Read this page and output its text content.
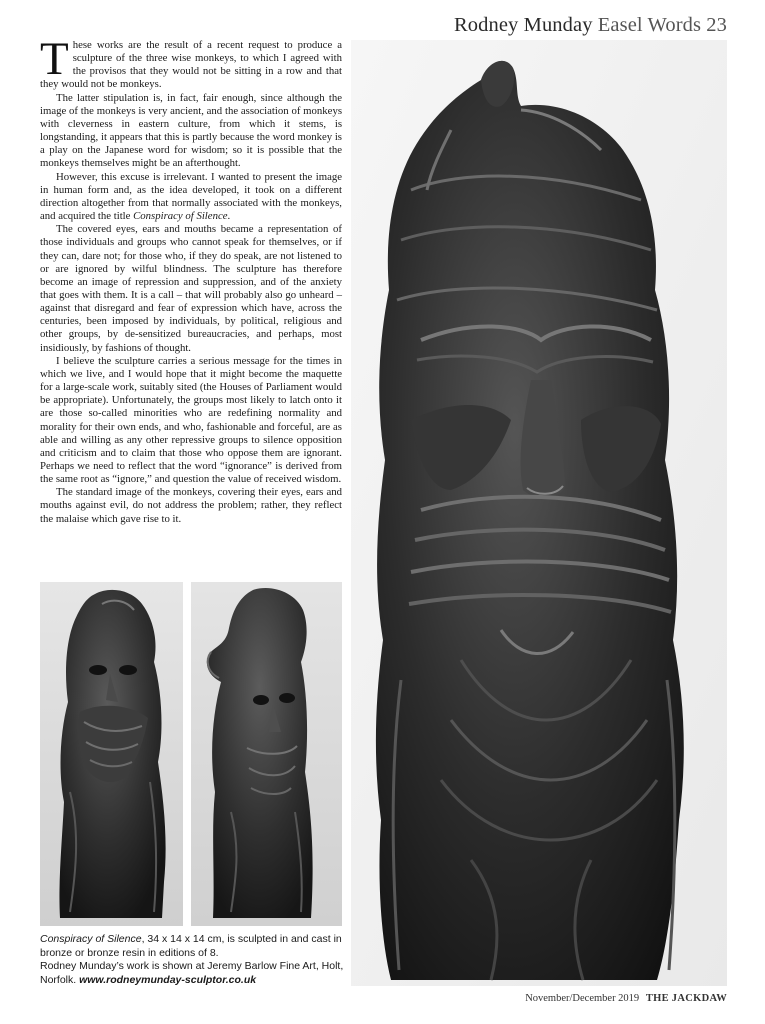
Rodney Munday Easel Words 23

These works are the result of a recent request to produce a sculpture of the three wise monkeys, to which I agreed with the provisos that they would not be sitting in a row and that they would not be monkeys.

The latter stipulation is, in fact, fair enough, since although the image of the monkeys is very ancient, and the association of monkeys with cleverness in eastern culture, from which it stems, is longstanding, it appears that this is partly because the word monkey is a play on the Japanese word for wisdom; so it is possible that the monkeys themselves might be an afterthought.

However, this excuse is irrelevant. I wanted to present the image in human form and, as the idea developed, it took on a different direction altogether from that normally associated with the monkeys, and acquired the title Conspiracy of Silence.

The covered eyes, ears and mouths became a representation of those individuals and groups who cannot speak for themselves, or if they can, dare not; for those who, if they do speak, are not listened to or are ignored by wilful blindness. The sculpture has therefore become an image of repression and suppression, and of the anxiety that goes with them. It is a call – that will probably also go unheard – against that disregard and fear of expression which have, across the centuries, been imposed by individuals, by political, religious and other groups, by de-sensitized bureaucracies, and perhaps, most insidiously, by fashions of thought.

I believe the sculpture carries a serious message for the times in which we live, and I would hope that it might become the maquette for a large-scale work, suitably sited (the Houses of Parliament would be appropriate). Unfortunately, the groups most likely to latch onto it are those so-called minorities who are redefining normality and morality for their own ends, and who, fashionable and forceful, are as able and willing as any other repressive groups to silence opposition and criticism and to claim that those who oppose them are ignorant. Perhaps we need to reflect that the word “ignorance” is derived from the same root as “ignore,” and question the value of received wisdom.

The standard image of the monkeys, covering their eyes, ears and mouths against evil, do not address the problem; rather, they reflect the malaise which gave rise to it.

Conspiracy of Silence, 34 x 14 x 14 cm, is sculpted in and cast in bronze or bronze resin in editions of 8.
Rodney Munday’s work is shown at Jeremy Barlow Fine Art, Holt, Norfolk. www.rodneymunday-sculptor.co.uk
November/December 2019 THE JACKDAW
